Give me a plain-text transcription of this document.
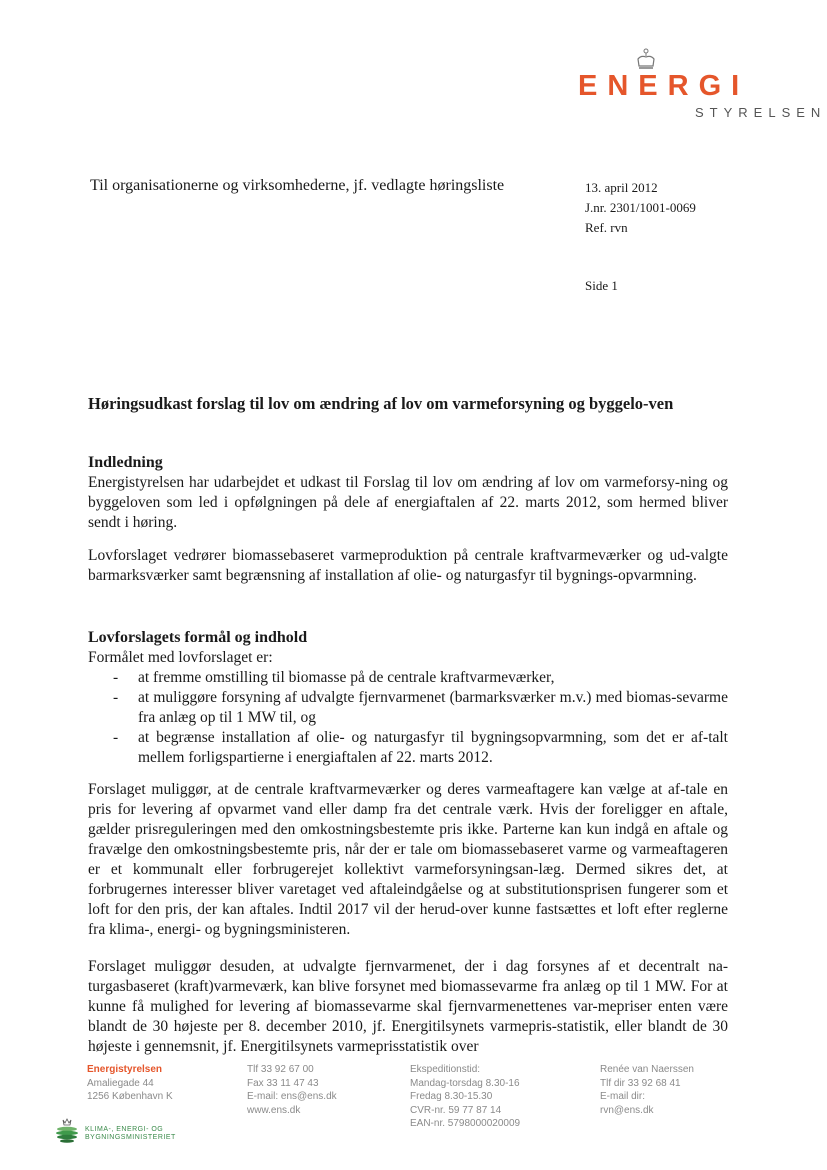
ENERGI
STYRELSEN
Til organisationerne og virksomhederne, jf. vedlagte høringsliste	13. april 2012
J.nr. 2301/1001-0069
Ref. rvn
Side 1

Høringsudkast forslag til lov om ændring af lov om varmeforsyning og byggelo-ven

Indledning

Energistyrelsen har udarbejdet et udkast til Forslag til lov om ændring af lov om varmeforsy-ning og byggeloven som led i opfølgningen på dele af energiaftalen af 22. marts 2012, som hermed bliver sendt i høring.

Lovforslaget vedrører biomassebaseret varmeproduktion på centrale kraftvarmeværker og ud-valgte barmarksværker samt begrænsning af installation af olie- og naturgasfyr til bygnings-opvarmning.

Lovforslagets formål og indhold

Formålet med lovforslaget er:

- at fremme omstilling til biomasse på de centrale kraftvarmeværker,
- at muliggøre forsyning af udvalgte fjernvarmenet (barmarksværker m.v.) med biomas-sevarme fra anlæg op til 1 MW til, og
- at begrænse installation af olie- og naturgasfyr til bygningsopvarmning, som det er af-talt mellem forligspartierne i energiaftalen af 22. marts 2012.

Forslaget muliggør, at de centrale kraftvarmeværker og deres varmeaftagere kan vælge at af-tale en pris for levering af opvarmet vand eller damp fra det centrale værk. Hvis der foreligger en aftale, gælder prisreguleringen med den omkostningsbestemte pris ikke. Parterne kan kun indgå en aftale og fravælge den omkostningsbestemte pris, når der er tale om biomassebaseret varme og varmeaftageren er et kommunalt eller forbrugerejet kollektivt varmeforsyningsan-læg. Dermed sikres det, at forbrugernes interesser bliver varetaget ved aftaleindgåelse og at substitutionsprisen fungerer som et loft for den pris, der kan aftales. Indtil 2017 vil der herud-over kunne fastsættes et loft efter reglerne fra klima-, energi- og bygningsministeren.

Forslaget muliggør desuden, at udvalgte fjernvarmenet, der i dag forsynes af et decentralt na-turgasbaseret (kraft)varmeværk, kan blive forsynet med biomassevarme fra anlæg op til 1 MW. For at kunne få mulighed for levering af biomassevarme skal fjernvarmenettenes var-mepriser enten være blandt de 30 højeste per 8. december 2010, jf. Energitilsynets varmepris-statistik, eller blandt de 30 højeste i gennemsnit, jf. Energitilsynets varmeprisstatistik over

Energistyrelsen
Amaliegade 44
1256 København K
Tlf 33 92 67 00
Fax 33 11 47 43
E-mail: ens@ens.dk
www.ens.dk
Ekspeditionstid:
Mandag-torsdag 8.30-16
Fredag 8.30-15.30
CVR-nr. 59 77 87 14
EAN-nr. 5798000020009
Renée van Naerssen
Tlf dir 33 92 68 41
E-mail dir:
rvn@ens.dk
KLIMA-, ENERGI- OG
BYGNINGSMINISTERIET
